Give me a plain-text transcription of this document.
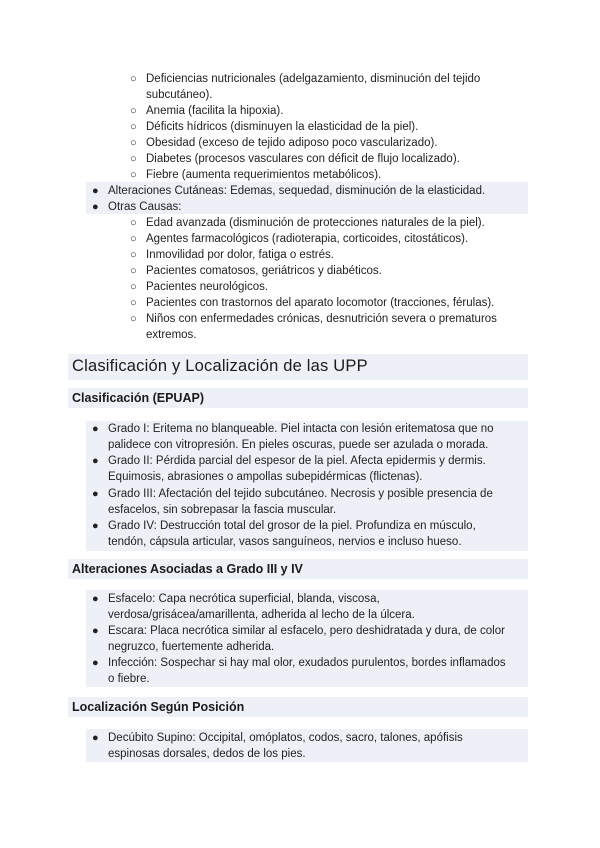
○ Deficiencias nutricionales (adelgazamiento, disminución del tejido
subcutáneo).
○ Anemia (facilita la hipoxia).
○ Déficits hídricos (disminuyen la elasticidad de la piel).
○ Obesidad (exceso de tejido adiposo poco vascularizado).
○ Diabetes (procesos vasculares con déficit de flujo localizado).
○ Fiebre (aumenta requerimientos metabólicos).
● Alteraciones Cutáneas: Edemas, sequedad, disminución de la elasticidad.
● Otras Causas:
○ Edad avanzada (disminución de protecciones naturales de la piel).
○ Agentes farmacológicos (radioterapia, corticoides, citostáticos).
○ Inmovilidad por dolor, fatiga o estrés.
○ Pacientes comatosos, geriátricos y diabéticos.
○ Pacientes neurológicos.
○ Pacientes con trastornos del aparato locomotor (tracciones, férulas).
○ Niños con enfermedades crónicas, desnutrición severa o prematuros
extremos.
Clasificación y Localización de las UPP
Clasificación (EPUAP)
● Grado I: Eritema no blanqueable. Piel intacta con lesión eritematosa que no
palidece con vitropresión. En pieles oscuras, puede ser azulada o morada.
● Grado II: Pérdida parcial del espesor de la piel. Afecta epidermis y dermis.
Equimosis, abrasiones o ampollas subepidérmicas (flictenas).
● Grado III: Afectación del tejido subcutáneo. Necrosis y posible presencia de
esfacelos, sin sobrepasar la fascia muscular.
● Grado IV: Destrucción total del grosor de la piel. Profundiza en músculo,
tendón, cápsula articular, vasos sanguíneos, nervios e incluso hueso.
Alteraciones Asociadas a Grado III y IV
● Esfacelo: Capa necrótica superficial, blanda, viscosa,
verdosa/grisácea/amarillenta, adherida al lecho de la úlcera.
● Escara: Placa necrótica similar al esfacelo, pero deshidratada y dura, de color
negruzco, fuertemente adherida.
● Infección: Sospechar si hay mal olor, exudados purulentos, bordes inflamados
o fiebre.
Localización Según Posición
● Decúbito Supino: Occipital, omóplatos, codos, sacro, talones, apófisis
espinosas dorsales, dedos de los pies.
